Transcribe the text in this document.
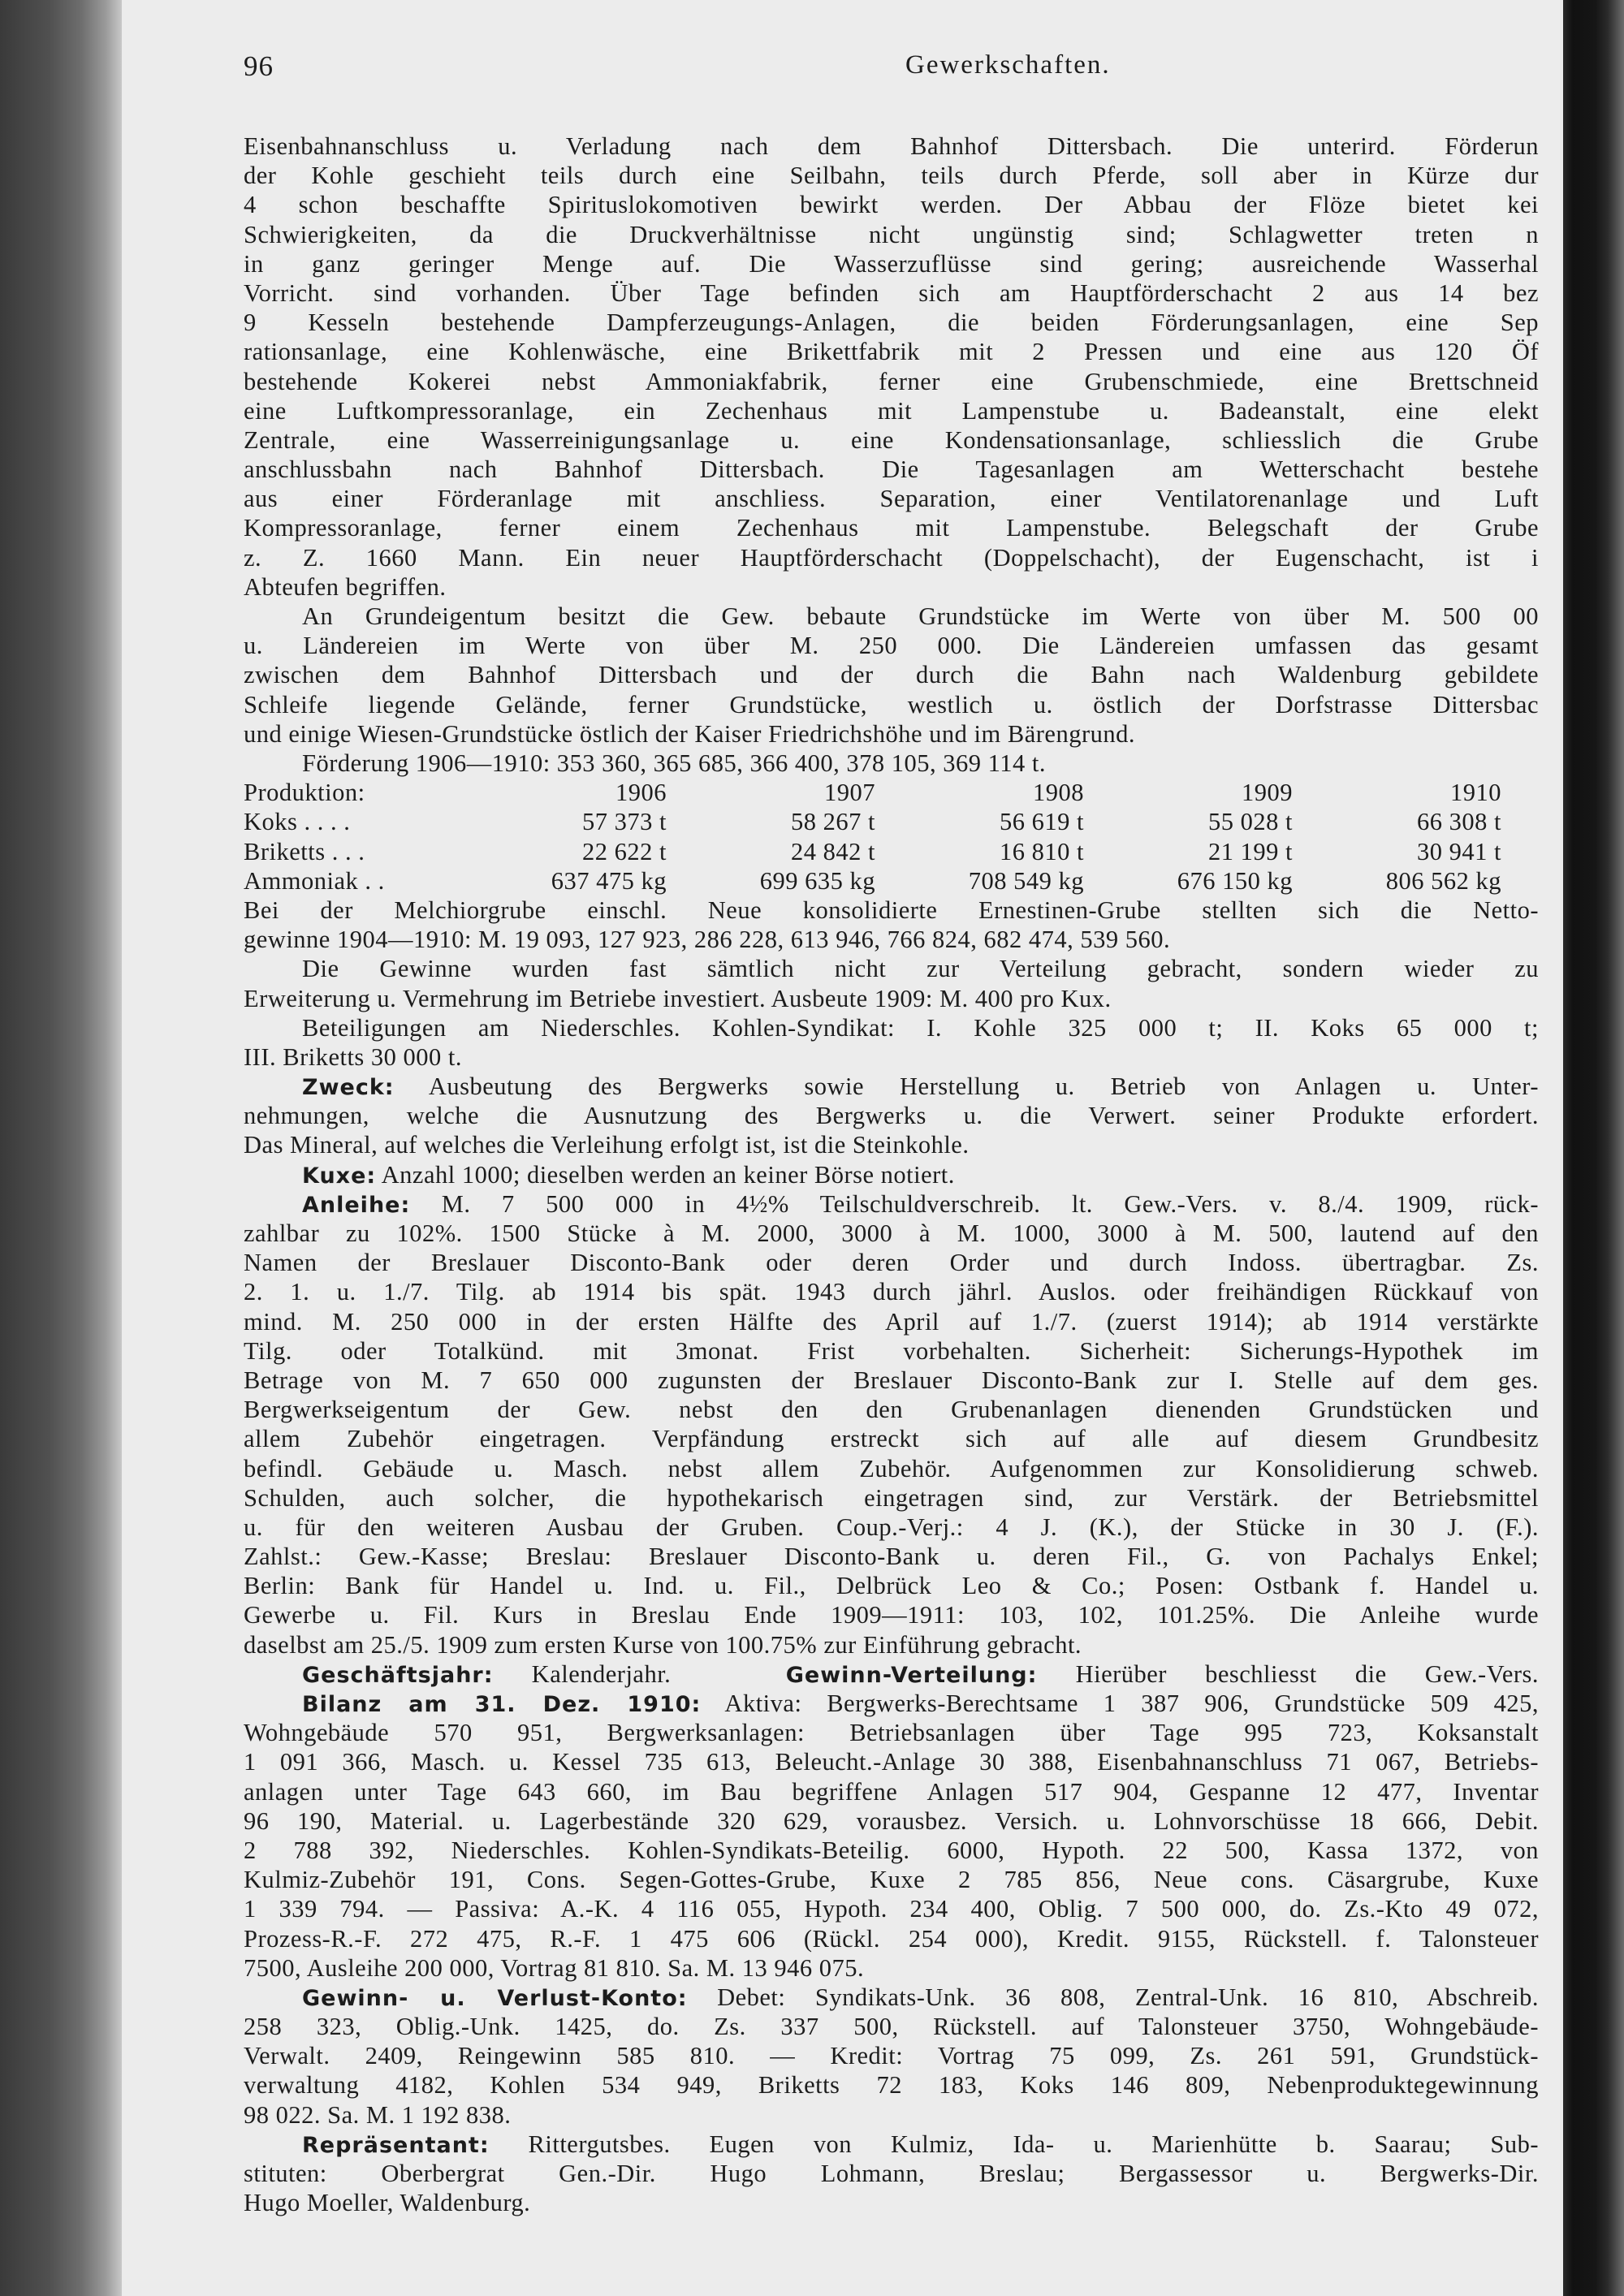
96	Gewerkschaften.
Eisenbahnanschluss u. Verladung nach dem Bahnhof Dittersbach. Die unterird. Förderun
der Kohle geschieht teils durch eine Seilbahn, teils durch Pferde, soll aber in Kürze dur
4 schon beschaffte Spirituslokomotiven bewirkt werden. Der Abbau der Flöze bietet kei
Schwierigkeiten, da die Druckverhältnisse nicht ungünstig sind; Schlagwetter treten n
in ganz geringer Menge auf. Die Wasserzuflüsse sind gering; ausreichende Wasserhal
Vorricht. sind vorhanden. Über Tage befinden sich am Hauptförderschacht 2 aus 14 bez
9 Kesseln bestehende Dampferzeugungs-Anlagen, die beiden Förderungsanlagen, eine Sep
rationsanlage, eine Kohlenwäsche, eine Brikettfabrik mit 2 Pressen und eine aus 120 Öf
bestehende Kokerei nebst Ammoniakfabrik, ferner eine Grubenschmiede, eine Brettschneid
eine Luftkompressoranlage, ein Zechenhaus mit Lampenstube u. Badeanstalt, eine elekt
Zentrale, eine Wasserreinigungsanlage u. eine Kondensationsanlage, schliesslich die Grube
anschlussbahn nach Bahnhof Dittersbach. Die Tagesanlagen am Wetterschacht bestehe
aus einer Förderanlage mit anschliess. Separation, einer Ventilatorenanlage und Luft
Kompressoranlage, ferner einem Zechenhaus mit Lampenstube. Belegschaft der Grube
z. Z. 1660 Mann. Ein neuer Hauptförderschacht (Doppelschacht), der Eugenschacht, ist i
Abteufen begriffen.
An Grundeigentum besitzt die Gew. bebaute Grundstücke im Werte von über M. 500 00
u. Ländereien im Werte von über M. 250 000. Die Ländereien umfassen das gesamt
zwischen dem Bahnhof Dittersbach und der durch die Bahn nach Waldenburg gebildete
Schleife liegende Gelände, ferner Grundstücke, westlich u. östlich der Dorfstrasse Dittersbac
und einige Wiesen-Grundstücke östlich der Kaiser Friedrichshöhe und im Bärengrund.
Förderung 1906—1910: 353 360, 365 685, 366 400, 378 105, 369 114 t.
Produktion:	1906	1907	1908	1909	1910
Koks . . . .	57 373 t	58 267 t	56 619 t	55 028 t	66 308 t
Briketts . . .	22 622 t	24 842 t	16 810 t	21 199 t	30 941 t
Ammoniak . .	637 475 kg	699 635 kg	708 549 kg	676 150 kg	806 562 kg
Bei der Melchiorgrube einschl. Neue konsolidierte Ernestinen-Grube stellten sich die Netto-
gewinne 1904—1910: M. 19 093, 127 923, 286 228, 613 946, 766 824, 682 474, 539 560.
Die Gewinne wurden fast sämtlich nicht zur Verteilung gebracht, sondern wieder zu
Erweiterung u. Vermehrung im Betriebe investiert. Ausbeute 1909: M. 400 pro Kux.
Beteiligungen am Niederschles. Kohlen-Syndikat: I. Kohle 325 000 t; II. Koks 65 000 t;
III. Briketts 30 000 t.
Zweck: Ausbeutung des Bergwerks sowie Herstellung u. Betrieb von Anlagen u. Unter-
nehmungen, welche die Ausnutzung des Bergwerks u. die Verwert. seiner Produkte erfordert.
Das Mineral, auf welches die Verleihung erfolgt ist, ist die Steinkohle.
Kuxe: Anzahl 1000; dieselben werden an keiner Börse notiert.
Anleihe: M. 7 500 000 in 4½% Teilschuldverschreib. lt. Gew.-Vers. v. 8./4. 1909, rück-
zahlbar zu 102%. 1500 Stücke à M. 2000, 3000 à M. 1000, 3000 à M. 500, lautend auf den
Namen der Breslauer Disconto-Bank oder deren Order und durch Indoss. übertragbar. Zs.
2. 1. u. 1./7. Tilg. ab 1914 bis spät. 1943 durch jährl. Auslos. oder freihändigen Rückkauf von
mind. M. 250 000 in der ersten Hälfte des April auf 1./7. (zuerst 1914); ab 1914 verstärkte
Tilg. oder Totalkünd. mit 3monat. Frist vorbehalten. Sicherheit: Sicherungs-Hypothek im
Betrage von M. 7 650 000 zugunsten der Breslauer Disconto-Bank zur I. Stelle auf dem ges.
Bergwerkseigentum der Gew. nebst den den Grubenanlagen dienenden Grundstücken und
allem Zubehör eingetragen. Verpfändung erstreckt sich auf alle auf diesem Grundbesitz
befindl. Gebäude u. Masch. nebst allem Zubehör. Aufgenommen zur Konsolidierung schweb.
Schulden, auch solcher, die hypothekarisch eingetragen sind, zur Verstärk. der Betriebsmittel
u. für den weiteren Ausbau der Gruben. Coup.-Verj.: 4 J. (K.), der Stücke in 30 J. (F.).
Zahlst.: Gew.-Kasse; Breslau: Breslauer Disconto-Bank u. deren Fil., G. von Pachalys Enkel;
Berlin: Bank für Handel u. Ind. u. Fil., Delbrück Leo & Co.; Posen: Ostbank f. Handel u.
Gewerbe u. Fil. Kurs in Breslau Ende 1909—1911: 103, 102, 101.25%. Die Anleihe wurde
daselbst am 25./5. 1909 zum ersten Kurse von 100.75% zur Einführung gebracht.
Geschäftsjahr: Kalenderjahr.	Gewinn-Verteilung: Hierüber beschliesst die Gew.-Vers.
Bilanz am 31. Dez. 1910: Aktiva: Bergwerks-Berechtsame 1 387 906, Grundstücke 509 425,
Wohngebäude 570 951, Bergwerksanlagen: Betriebsanlagen über Tage 995 723, Koksanstalt
1 091 366, Masch. u. Kessel 735 613, Beleucht.-Anlage 30 388, Eisenbahnanschluss 71 067, Betriebs-
anlagen unter Tage 643 660, im Bau begriffene Anlagen 517 904, Gespanne 12 477, Inventar
96 190, Material. u. Lagerbestände 320 629, vorausbez. Versich. u. Lohnvorschüsse 18 666, Debit.
2 788 392, Niederschles. Kohlen-Syndikats-Beteilig. 6000, Hypoth. 22 500, Kassa 1372, von
Kulmiz-Zubehör 191, Cons. Segen-Gottes-Grube, Kuxe 2 785 856, Neue cons. Cäsargrube, Kuxe
1 339 794. — Passiva: A.-K. 4 116 055, Hypoth. 234 400, Oblig. 7 500 000, do. Zs.-Kto 49 072,
Prozess-R.-F. 272 475, R.-F. 1 475 606 (Rückl. 254 000), Kredit. 9155, Rückstell. f. Talonsteuer
7500, Ausleihe 200 000, Vortrag 81 810. Sa. M. 13 946 075.
Gewinn- u. Verlust-Konto: Debet: Syndikats-Unk. 36 808, Zentral-Unk. 16 810, Abschreib.
258 323, Oblig.-Unk. 1425, do. Zs. 337 500, Rückstell. auf Talonsteuer 3750, Wohngebäude-
Verwalt. 2409, Reingewinn 585 810. — Kredit: Vortrag 75 099, Zs. 261 591, Grundstück-
verwaltung 4182, Kohlen 534 949, Briketts 72 183, Koks 146 809, Nebenproduktegewinnung
98 022. Sa. M. 1 192 838.
Repräsentant: Rittergutsbes. Eugen von Kulmiz, Ida- u. Marienhütte b. Saarau; Sub-
stituten: Oberbergrat Gen.-Dir. Hugo Lohmann, Breslau; Bergassessor u. Bergwerks-Dir.
Hugo Moeller, Waldenburg.
